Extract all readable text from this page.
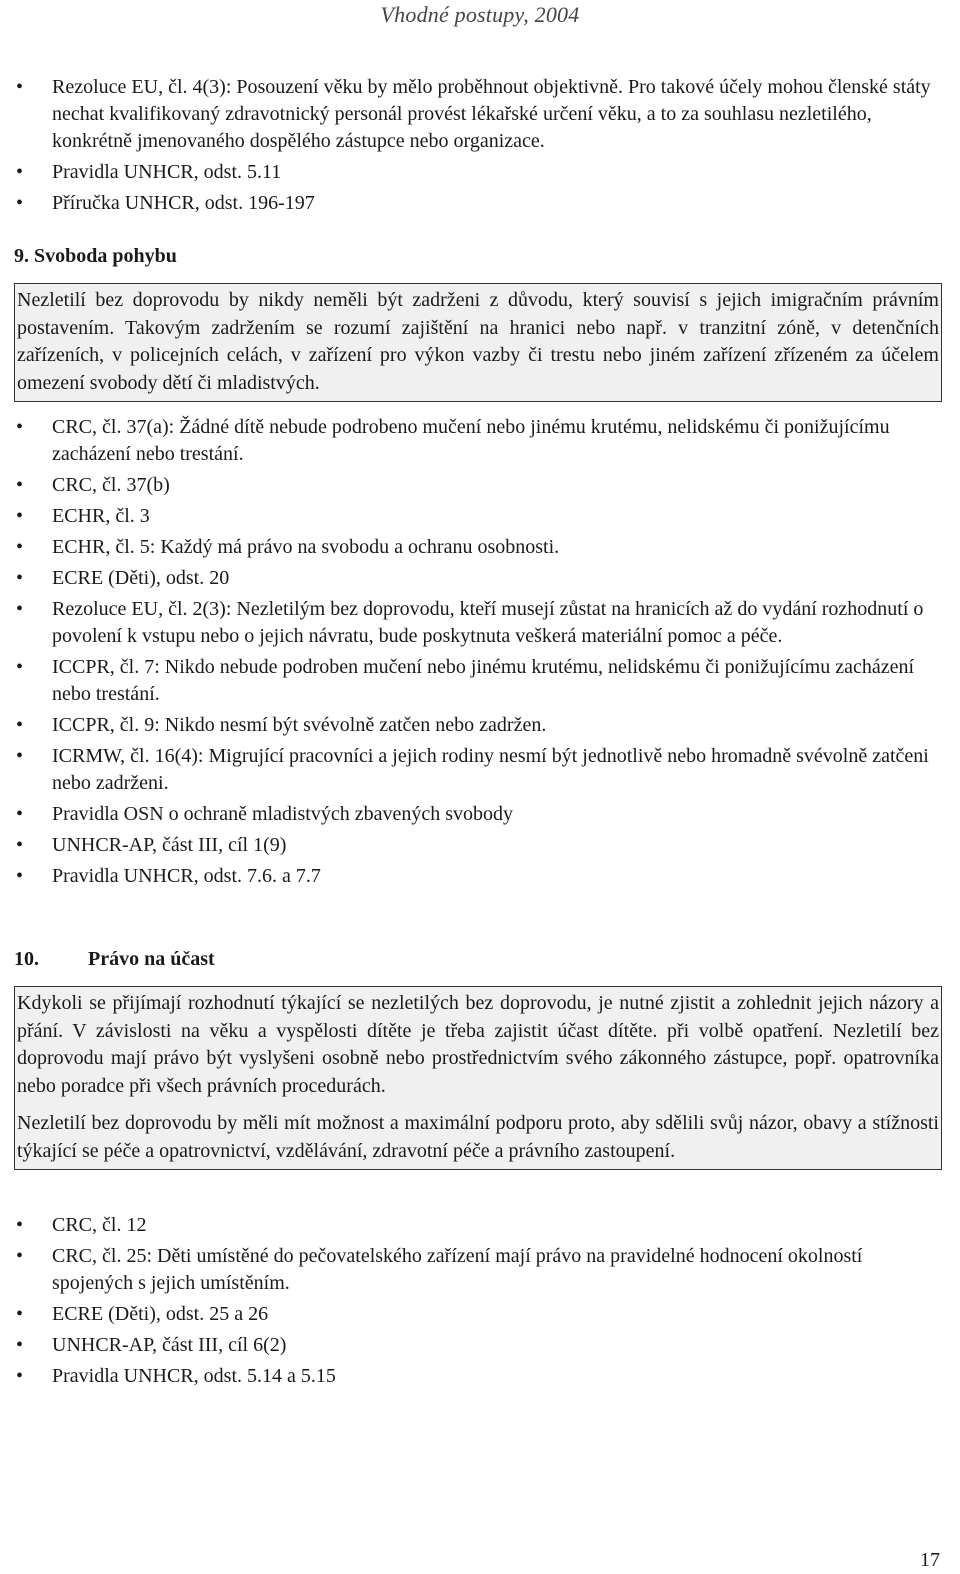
Vhodné postupy, 2004
• Rezoluce EU, čl. 4(3): Posouzení věku by mělo proběhnout objektivně. Pro takové účely mohou členské státy nechat kvalifikovaný zdravotnický personál provést lékařské určení věku, a to za souhlasu nezletilého, konkrétně jmenovaného dospělého zástupce nebo organizace.
• Pravidla UNHCR, odst. 5.11
• Příručka UNHCR, odst. 196-197
9. Svoboda pohybu

Nezletilí bez doprovodu by nikdy neměli být zadrženi z důvodu, který souvisí s jejich imigračním právním postavením. Takovým zadržením se rozumí zajištění na hranici nebo např. v tranzitní zóně, v detenčních zařízeních, v policejních celách, v zařízení pro výkon vazby či trestu nebo jiném zařízení zřízeném za účelem omezení svobody dětí či mladistvých.

• CRC, čl. 37(a): Žádné dítě nebude podrobeno mučení nebo jinému krutému, nelidskému či ponižujícímu zacházení nebo trestání.
• CRC, čl. 37(b)
• ECHR, čl. 3
• ECHR, čl. 5: Každý má právo na svobodu a ochranu osobnosti.
• ECRE (Děti), odst. 20
• Rezoluce EU, čl. 2(3): Nezletilým bez doprovodu, kteří musejí zůstat na hranicích až do vydání rozhodnutí o povolení k vstupu nebo o jejich návratu, bude poskytnuta veškerá materiální pomoc a péče.
• ICCPR, čl. 7: Nikdo nebude podroben mučení nebo jinému krutému, nelidskému či ponižujícímu zacházení nebo trestání.
• ICCPR, čl. 9: Nikdo nesmí být svévolně zatčen nebo zadržen.
• ICRMW, čl. 16(4): Migrující pracovníci a jejich rodiny nesmí být jednotlivě nebo hromadně svévolně zatčeni nebo zadrženi.
• Pravidla OSN o ochraně mladistvých zbavených svobody
• UNHCR-AP, část III, cíl 1(9)
• Pravidla UNHCR, odst. 7.6. a 7.7
10. Právo na účast

Kdykoli se přijímají rozhodnutí týkající se nezletilých bez doprovodu, je nutné zjistit a zohlednit jejich názory a přání. V závislosti na věku a vyspělosti dítěte je třeba zajistit účast dítěte. při volbě opatření. Nezletilí bez doprovodu mají právo být vyslyšeni osobně nebo prostřednictvím svého zákonného zástupce, popř. opatrovníka nebo poradce při všech právních procedurách.

Nezletilí bez doprovodu by měli mít možnost a maximální podporu proto, aby sdělili svůj názor, obavy a stížnosti týkající se péče a opatrovnictví, vzdělávání, zdravotní péče a právního zastoupení.

• CRC, čl. 12
• CRC, čl. 25: Děti umístěné do pečovatelského zařízení mají právo na pravidelné hodnocení okolností spojených s jejich umístěním.
• ECRE (Děti), odst. 25 a 26
• UNHCR-AP, část III, cíl 6(2)
• Pravidla UNHCR, odst. 5.14 a 5.15
17
